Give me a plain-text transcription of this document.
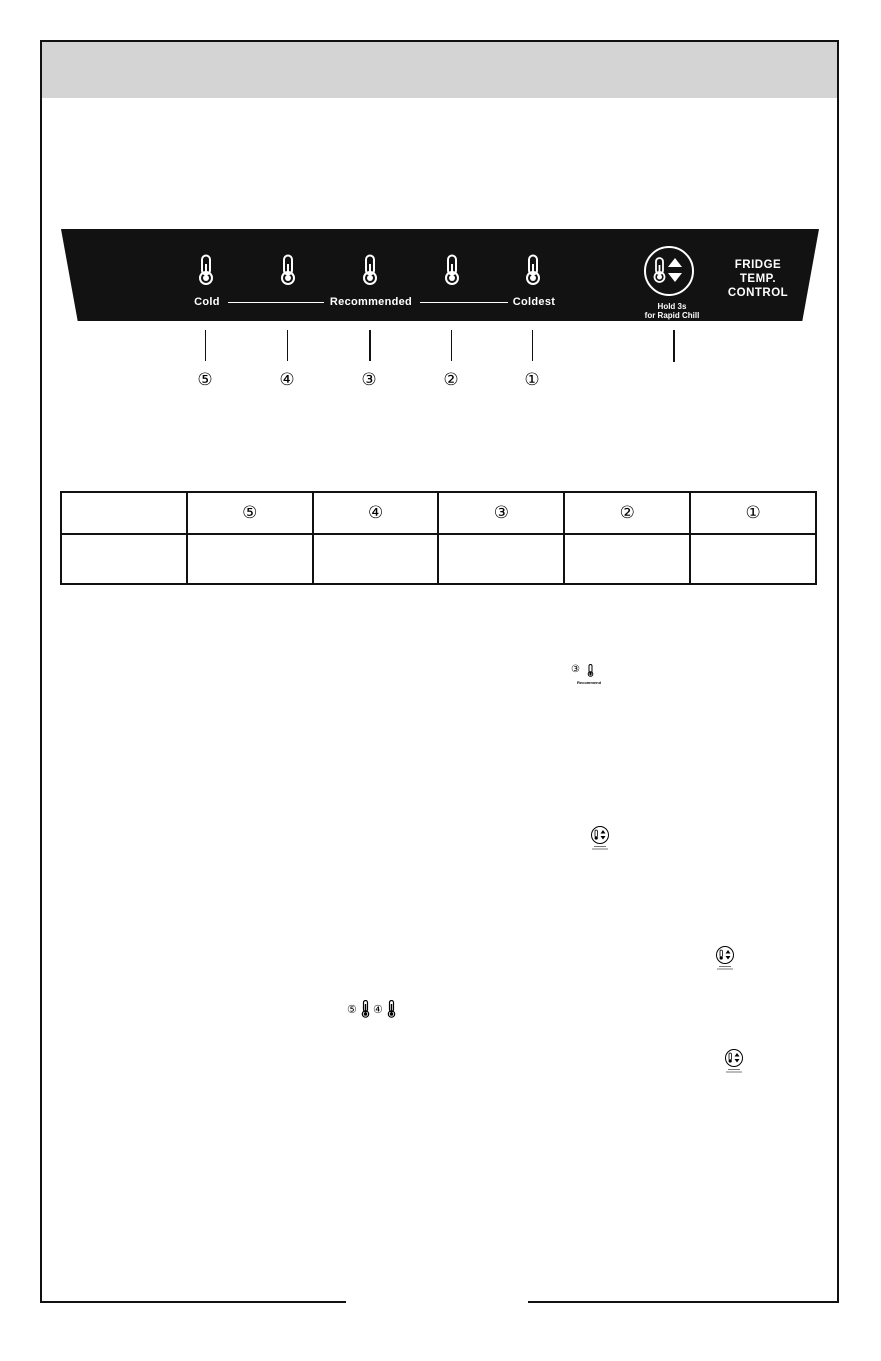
Cold	Recommended	Coldest	Hold 3s
for Rapid Chill
FRIDGE
TEMP. CONTROL
⑤	④	③	②	①
	⑤	④	③	②	①

③
Recommend
⑤ ④
